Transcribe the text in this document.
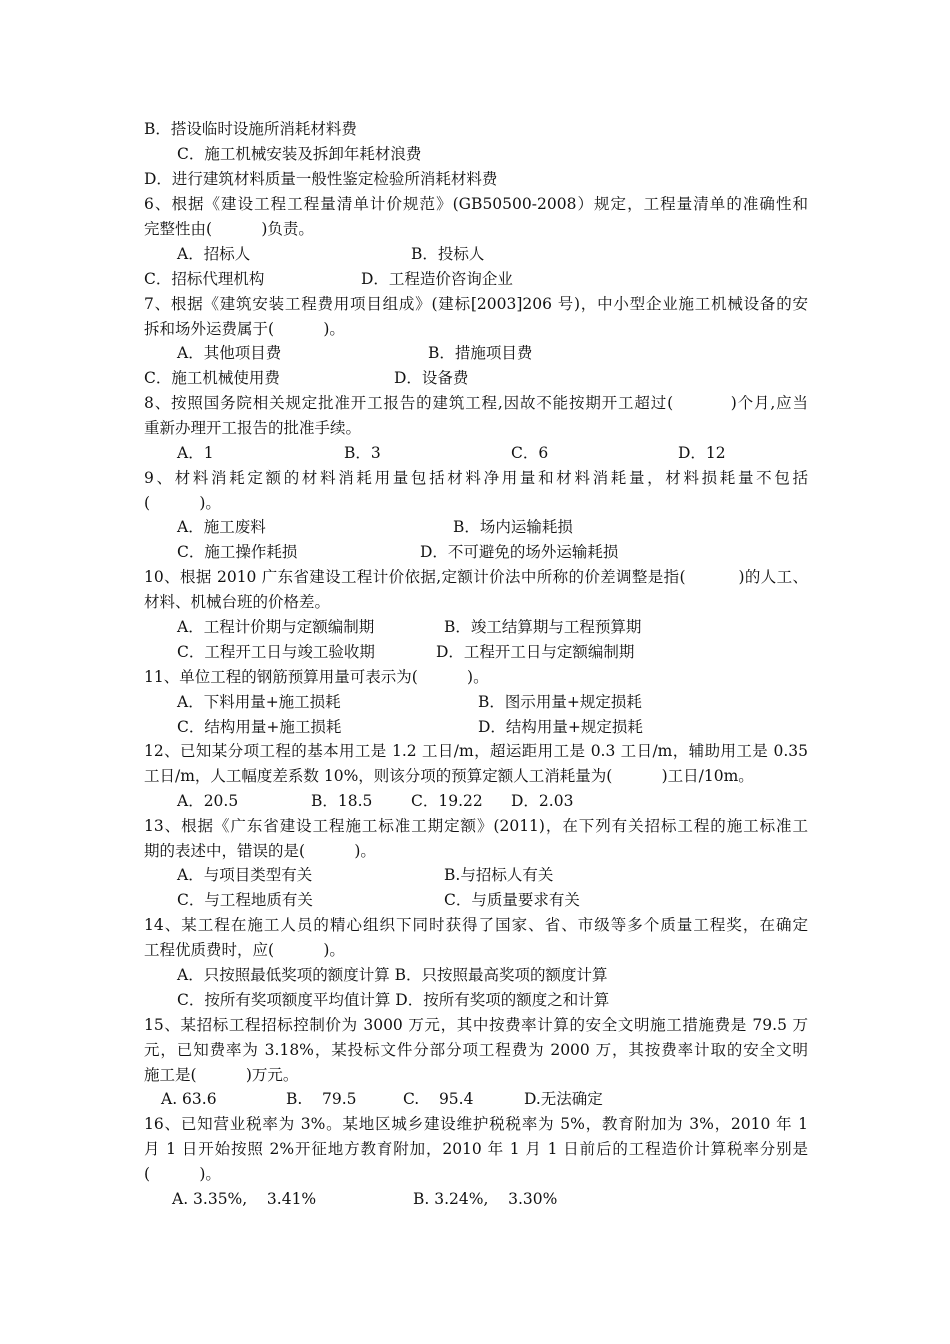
B．搭设临时设施所消耗材料费
C．施工机械安装及拆卸年耗材浪费
D．进行建筑材料质量一般性鉴定检验所消耗材料费
6、根据《建设工程工程量清单计价规范》(GB50500-2008）规定，工程量清单的准确性和
完整性由(          )负责。
A．招标人	B．投标人
C．招标代理机构	D．工程造价咨询企业
7、根据《建筑安装工程费用项目组成》(建标[2003]206 号)，中小型企业施工机械设备的安
拆和场外运费属于(          )。
A．其他项目费	B．措施项目费
C．施工机械使用费	D．设备费
8、按照国务院相关规定批准开工报告的建筑工程,因故不能按期开工超过(          )个月,应当
重新办理开工报告的批准手续。
A．1	B．3	C．6	D．12
9、材料消耗定额的材料消耗用量包括材料净用量和材料消耗量，材料损耗量不包括
(          )。
A．施工废料	B．场内运输耗损
C．施工操作耗损	D．不可避免的场外运输耗损
10、根据 2010 广东省建设工程计价依据,定额计价法中所称的价差调整是指(          )的人工、
材料、机械台班的价格差。
A．工程计价期与定额编制期	B．竣工结算期与工程预算期
C．工程开工日与竣工验收期	D．工程开工日与定额编制期
11、单位工程的钢筋预算用量可表示为(          )。
A．下料用量+施工损耗	B．图示用量+规定损耗
C．结构用量+施工损耗	D．结构用量+规定损耗
12、已知某分项工程的基本用工是 1.2 工日/m，超运距用工是 0.3 工日/m，辅助用工是 0.35
工日/m，人工幅度差系数 10%，则该分项的预算定额人工消耗量为(          )工日/10m。
A．20.5	B．18.5 C．19.22 D．2.03
13、根据《广东省建设工程施工标准工期定额》(2011)，在下列有关招标工程的施工标准工
期的表述中，错误的是(          )。
A．与项目类型有关	B.与招标人有关
C．与工程地质有关	C．与质量要求有关
14、某工程在施工人员的精心组织下同时获得了国家、省、市级等多个质量工程奖，在确定
工程优质费时，应(          )。
A．只按照最低奖项的额度计算 B．只按照最高奖项的额度计算
C．按所有奖项额度平均值计算 D．按所有奖项的额度之和计算
15、某招标工程招标控制价为 3000 万元，其中按费率计算的安全文明施工措施费是 79.5 万
元，已知费率为 3.18%，某投标文件分部分项工程费为 2000 万，其按费率计取的安全文明
施工是(          )万元。
A. 63.6	B.    79.5	C.    95.4	D.无法确定
16、已知营业税率为 3%。某地区城乡建设维护税税率为 5%，教育附加为 3%，2010 年 1
月 1 日开始按照 2%开征地方教育附加，2010 年 1 月 1 日前后的工程造价计算税率分别是
(          )。
A. 3.35%,    3.41%	B. 3.24%,    3.30%
